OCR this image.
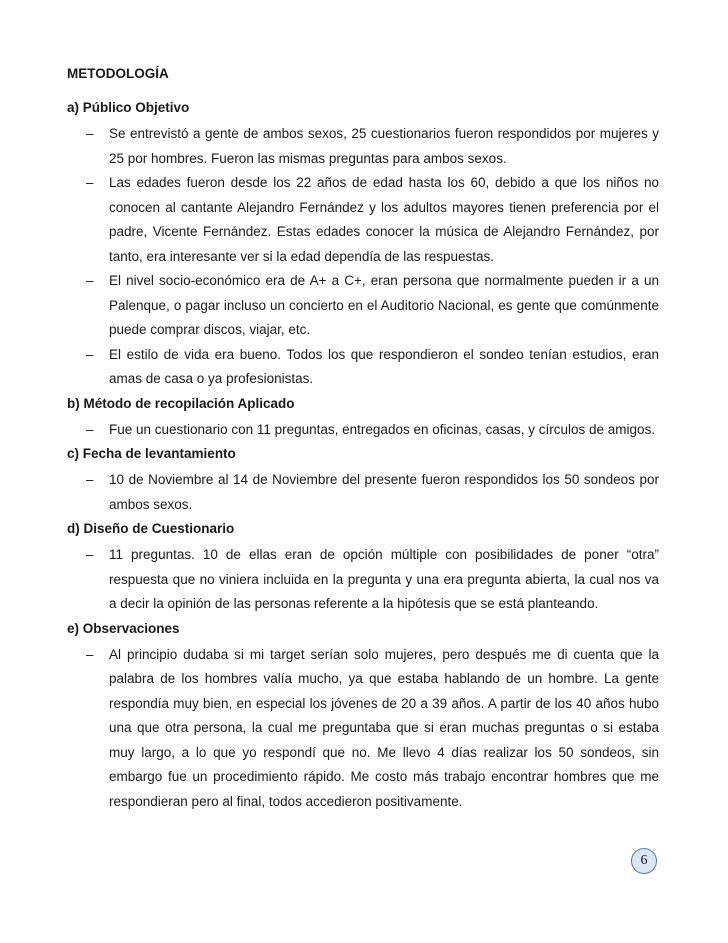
METODOLOGÍA
a) Público Objetivo
– Se entrevistó a gente de ambos sexos, 25 cuestionarios fueron respondidos por mujeres y 25 por hombres. Fueron las mismas preguntas para ambos sexos.
– Las edades fueron desde los 22 años de edad hasta los 60, debido a que los niños no conocen al cantante Alejandro Fernández y los adultos mayores tienen preferencia por el padre, Vicente Fernández. Estas edades conocer la música de Alejandro Fernández, por tanto, era interesante ver si la edad dependía de las respuestas.
– El nivel socio-económico era de A+ a C+, eran persona que normalmente pueden ir a un Palenque, o pagar incluso un concierto en el Auditorio Nacional, es gente que comúnmente puede comprar discos, viajar, etc.
– El estilo de vida era bueno. Todos los que respondieron el sondeo tenían estudios, eran amas de casa o ya profesionistas.
b) Método de recopilación Aplicado
– Fue un cuestionario con 11 preguntas, entregados en oficinas, casas, y círculos de amigos.
c) Fecha de levantamiento
– 10 de Noviembre al 14 de Noviembre del presente fueron respondidos los 50 sondeos por ambos sexos.
d) Diseño de Cuestionario
– 11 preguntas. 10 de ellas eran de opción múltiple con posibilidades de poner “otra” respuesta que no viniera incluida en la pregunta y una era pregunta abierta, la cual nos va a decir la opinión de las personas referente a la hipótesis que se está planteando.
e) Observaciones
– Al principio dudaba si mi target serían solo mujeres, pero después me di cuenta que la palabra de los hombres valía mucho, ya que estaba hablando de un hombre. La gente respondía muy bien, en especial los jóvenes de 20 a 39 años. A partir de los 40 años hubo una que otra persona, la cual me preguntaba que si eran muchas preguntas o si estaba muy largo, a lo que yo respondí que no. Me llevo 4 días realizar los 50 sondeos, sin embargo fue un procedimiento rápido. Me costo más trabajo encontrar hombres que me respondieran pero al final, todos accedieron positivamente.
6
